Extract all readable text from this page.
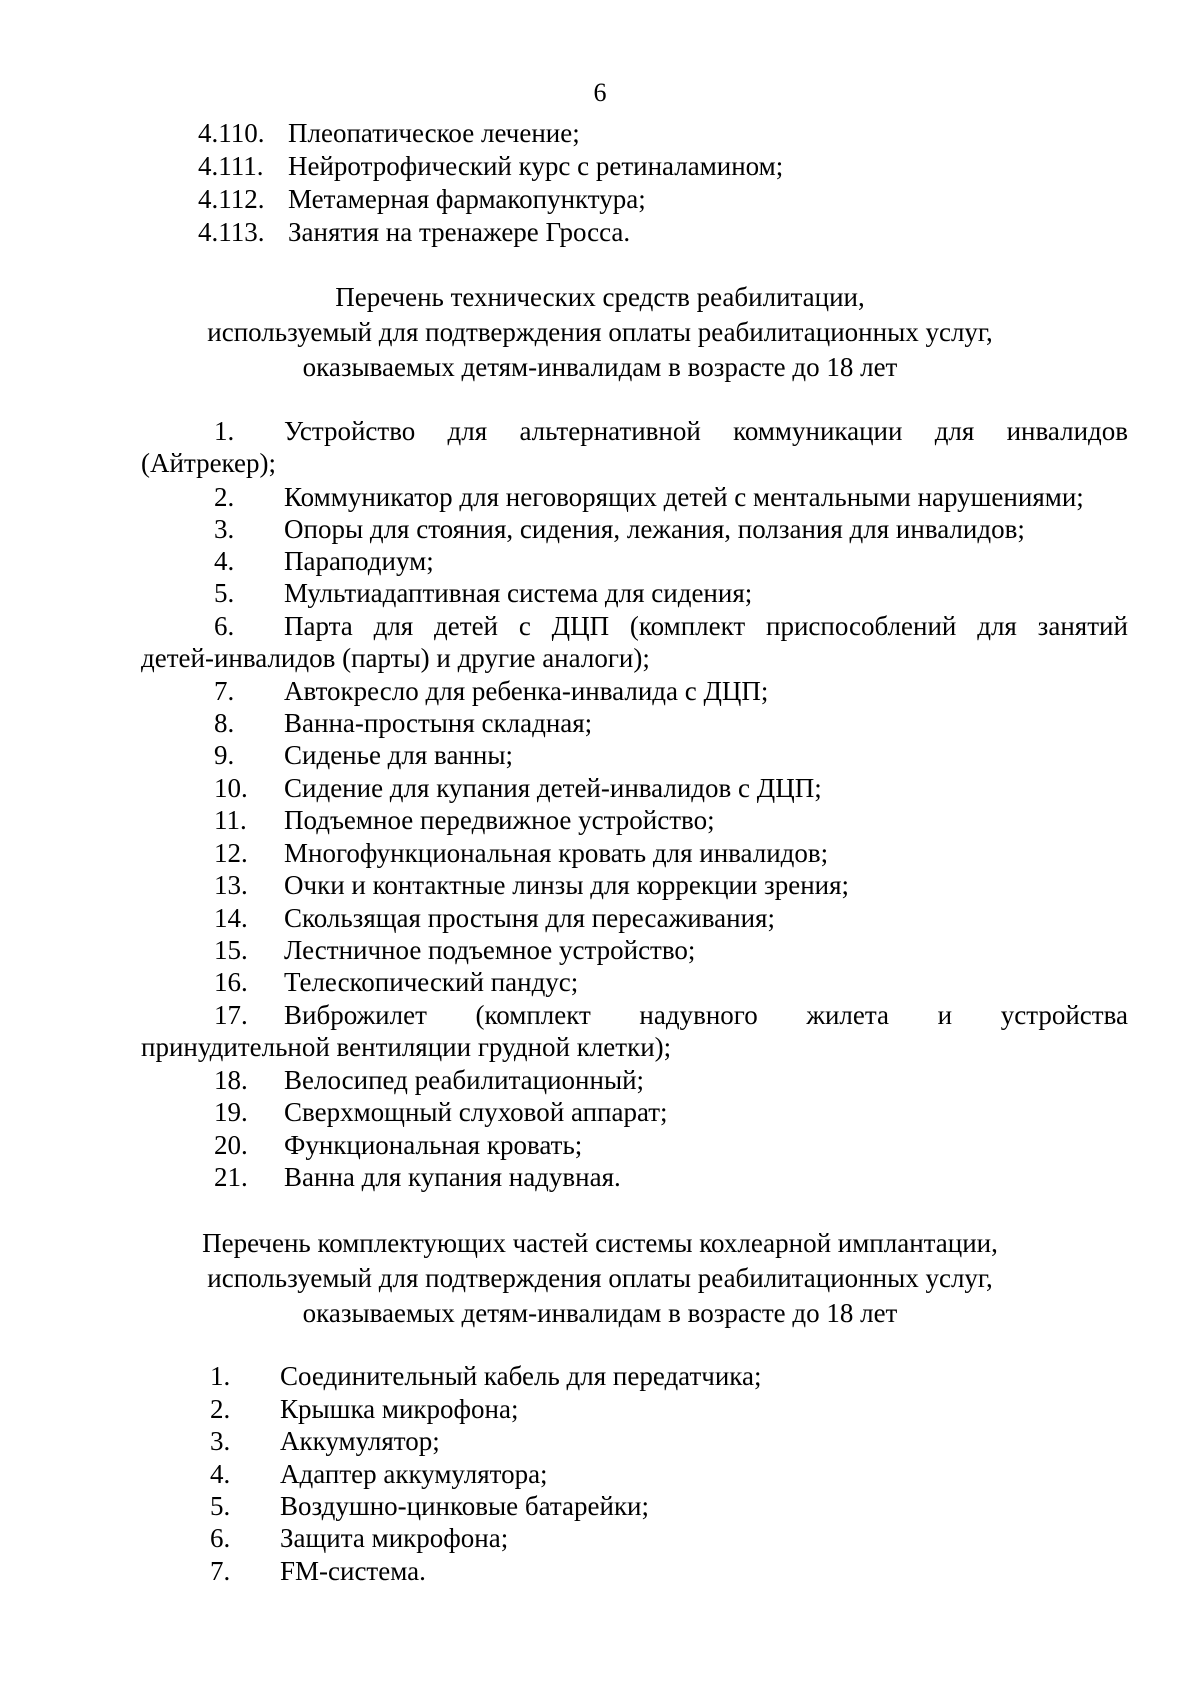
6
4.110. Плеопатическое лечение;
4.111. Нейротрофический курс с ретиналамином;
4.112. Метамерная фармакопунктура;
4.113. Занятия на тренажере Гросса.
Перечень технических средств реабилитации,
используемый для подтверждения оплаты реабилитационных услуг,
оказываемых детям-инвалидам в возрасте до 18 лет
1. Устройство для альтернативной коммуникации для инвалидов
(Айтрекер);
2. Коммуникатор для неговорящих детей с ментальными нарушениями;
3. Опоры для стояния, сидения, лежания, ползания для инвалидов;
4. Параподиум;
5. Мультиадаптивная система для сидения;
6. Парта для детей с ДЦП (комплект приспособлений для занятий
детей-инвалидов (парты) и другие аналоги);
7. Автокресло для ребенка-инвалида с ДЦП;
8. Ванна-простыня складная;
9. Сиденье для ванны;
10. Сидение для купания детей-инвалидов с ДЦП;
11. Подъемное передвижное устройство;
12. Многофункциональная кровать для инвалидов;
13. Очки и контактные линзы для коррекции зрения;
14. Скользящая простыня для пересаживания;
15. Лестничное подъемное устройство;
16. Телескопический пандус;
17. Виброжилет (комплект надувного жилета и устройства
принудительной вентиляции грудной клетки);
18. Велосипед реабилитационный;
19. Сверхмощный слуховой аппарат;
20. Функциональная кровать;
21. Ванна для купания надувная.
Перечень комплектующих частей системы кохлеарной имплантации,
используемый для подтверждения оплаты реабилитационных услуг,
оказываемых детям-инвалидам в возрасте до 18 лет
1. Соединительный кабель для передатчика;
2. Крышка микрофона;
3. Аккумулятор;
4. Адаптер аккумулятора;
5. Воздушно-цинковые батарейки;
6. Защита микрофона;
7. FM-система.
